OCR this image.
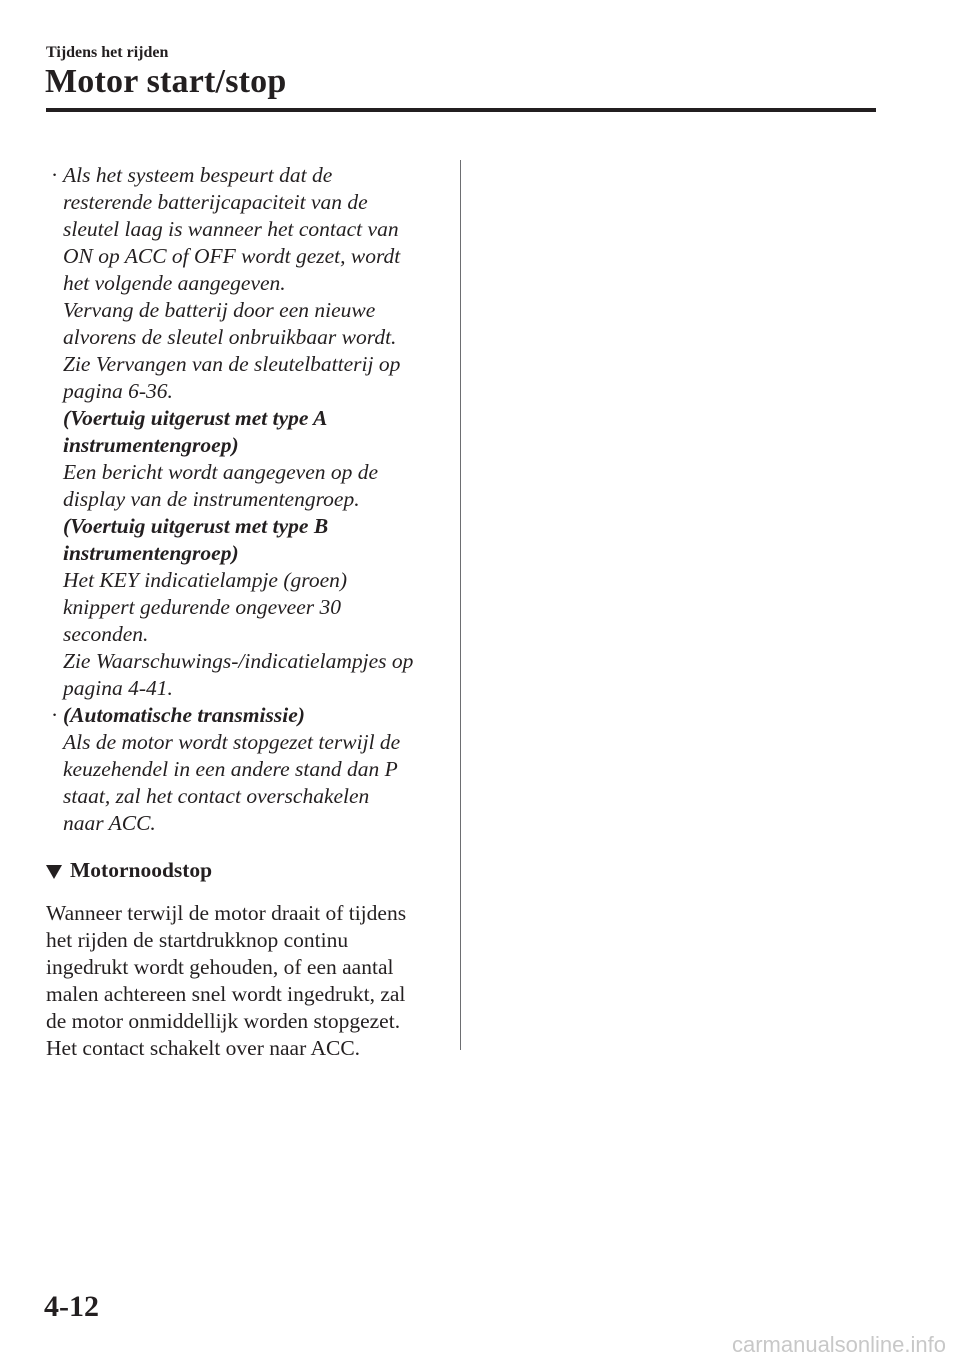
Tijdens het rijden
Motor start/stop
· Als het systeem bespeurt dat de
resterende batterijcapaciteit van de
sleutel laag is wanneer het contact van
ON op ACC of OFF wordt gezet, wordt
het volgende aangegeven.
Vervang de batterij door een nieuwe
alvorens de sleutel onbruikbaar wordt.
Zie Vervangen van de sleutelbatterij op
pagina 6-36.
(Voertuig uitgerust met type A
instrumentengroep)
Een bericht wordt aangegeven op de
display van de instrumentengroep.
(Voertuig uitgerust met type B
instrumentengroep)
Het KEY indicatielampje (groen)
knippert gedurende ongeveer 30
seconden.
Zie Waarschuwings-/indicatielampjes op
pagina 4-41.
· (Automatische transmissie)
Als de motor wordt stopgezet terwijl de
keuzehendel in een andere stand dan P
staat, zal het contact overschakelen
naar ACC.
Motornoodstop
Wanneer terwijl de motor draait of tijdens
het rijden de startdrukknop continu
ingedrukt wordt gehouden, of een aantal
malen achtereen snel wordt ingedrukt, zal
de motor onmiddellijk worden stopgezet.
Het contact schakelt over naar ACC.
4-12
carmanualsonline.info
